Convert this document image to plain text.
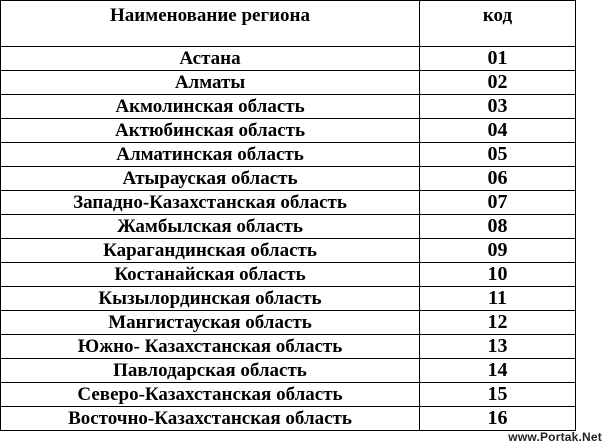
Наименование региона	код
Астана	01
Алматы	02
Акмолинская область	03
Актюбинская область	04
Алматинская область	05
Атырауская область	06
Западно-Казахстанская область	07
Жамбылская область	08
Карагандинская область	09
Костанайская область	10
Кызылординская область	11
Мангистауская область	12
Южно- Казахстанская область	13
Павлодарская область	14
Северо-Казахстанская область	15
Восточно-Казахстанская область	16
www.Portak.Net
